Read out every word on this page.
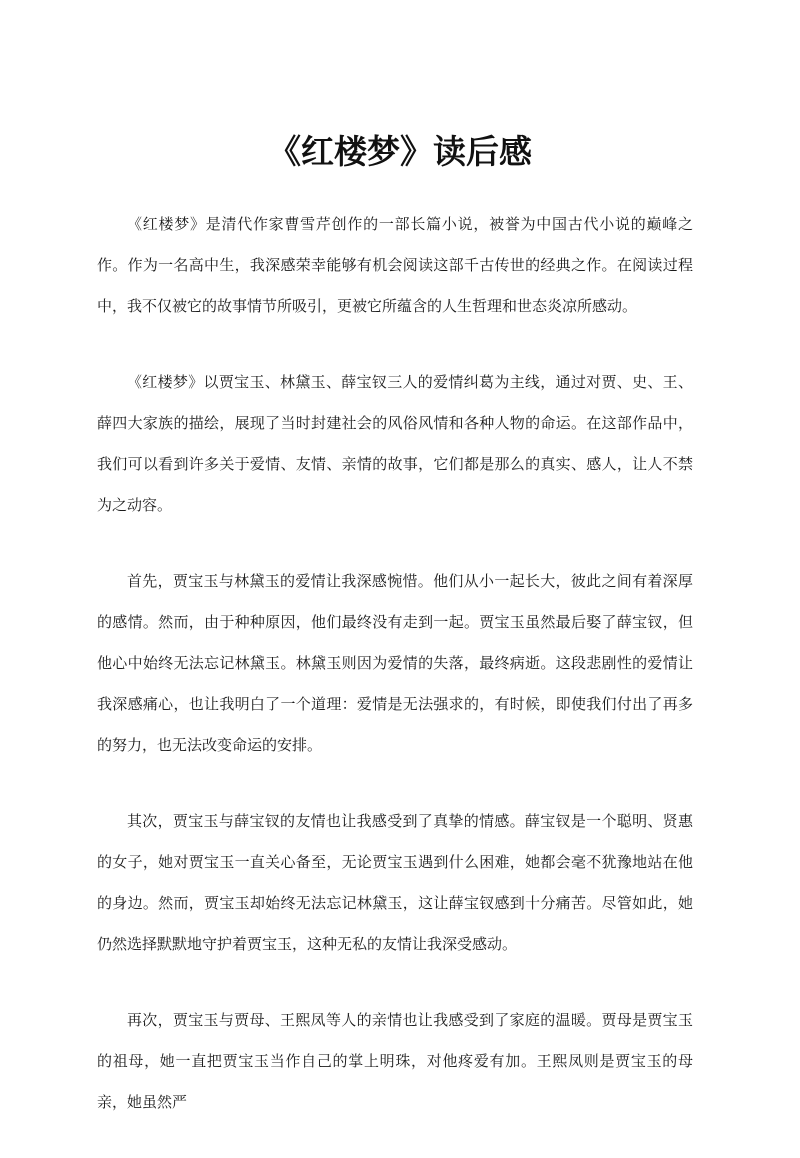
《红楼梦》读后感

《红楼梦》是清代作家曹雪芹创作的一部长篇小说，被誉为中国古代小说的巅峰之作。作为一名高中生，我深感荣幸能够有机会阅读这部千古传世的经典之作。在阅读过程中，我不仅被它的故事情节所吸引，更被它所蕴含的人生哲理和世态炎凉所感动。

《红楼梦》以贾宝玉、林黛玉、薛宝钗三人的爱情纠葛为主线，通过对贾、史、王、薛四大家族的描绘，展现了当时封建社会的风俗风情和各种人物的命运。在这部作品中，我们可以看到许多关于爱情、友情、亲情的故事，它们都是那么的真实、感人，让人不禁为之动容。

首先，贾宝玉与林黛玉的爱情让我深感惋惜。他们从小一起长大，彼此之间有着深厚的感情。然而，由于种种原因，他们最终没有走到一起。贾宝玉虽然最后娶了薛宝钗，但他心中始终无法忘记林黛玉。林黛玉则因为爱情的失落，最终病逝。这段悲剧性的爱情让我深感痛心，也让我明白了一个道理：爱情是无法强求的，有时候，即使我们付出了再多的努力，也无法改变命运的安排。

其次，贾宝玉与薛宝钗的友情也让我感受到了真挚的情感。薛宝钗是一个聪明、贤惠的女子，她对贾宝玉一直关心备至，无论贾宝玉遇到什么困难，她都会毫不犹豫地站在他的身边。然而，贾宝玉却始终无法忘记林黛玉，这让薛宝钗感到十分痛苦。尽管如此，她仍然选择默默地守护着贾宝玉，这种无私的友情让我深受感动。

再次，贾宝玉与贾母、王熙凤等人的亲情也让我感受到了家庭的温暖。贾母是贾宝玉的祖母，她一直把贾宝玉当作自己的掌上明珠，对他疼爱有加。王熙凤则是贾宝玉的母亲，她虽然严
